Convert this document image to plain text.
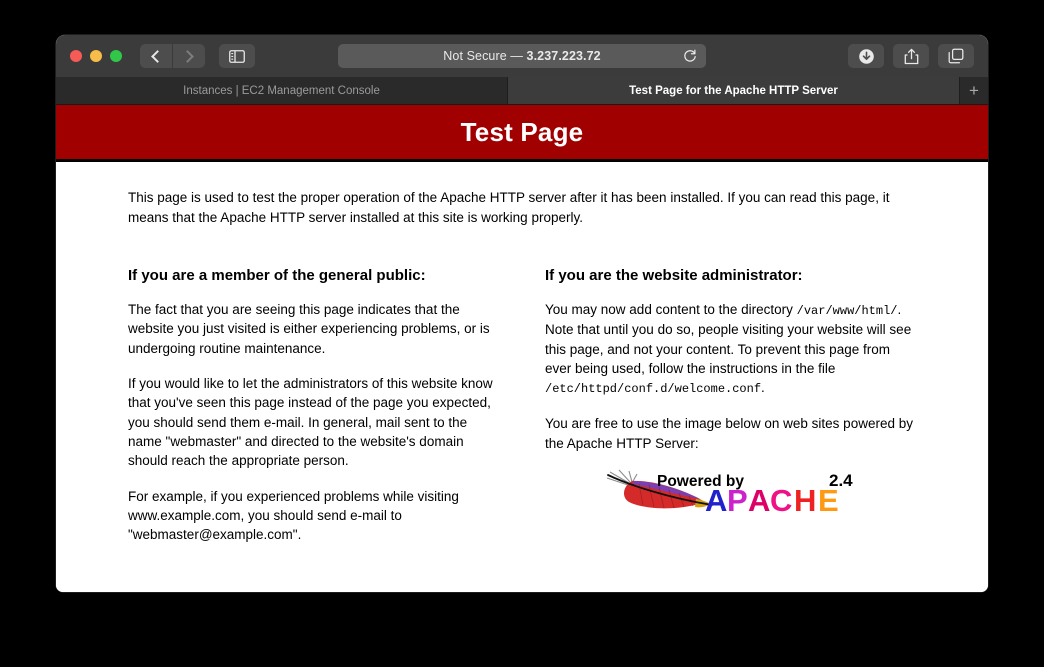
Not Secure — 3.237.223.72
Instances | EC2 Management Console	Test Page for the Apache HTTP Server	+
Test Page

This page is used to test the proper operation of the Apache HTTP server after it has been installed. If you can read this page, it means that the Apache HTTP server installed at this site is working properly.

If you are a member of the general public:

The fact that you are seeing this page indicates that the website you just visited is either experiencing problems, or is undergoing routine maintenance.

If you would like to let the administrators of this website know that you've seen this page instead of the page you expected, you should send them e-mail. In general, mail sent to the name "webmaster" and directed to the website's domain should reach the appropriate person.

For example, if you experienced problems while visiting www.example.com, you should send e-mail to "webmaster@example.com".

If you are the website administrator:

You may now add content to the directory /var/www/html/. Note that until you do so, people visiting your website will see this page, and not your content. To prevent this page from ever being used, follow the instructions in the file /etc/httpd/conf.d/welcome.conf.

You are free to use the image below on web sites powered by the Apache HTTP Server:

Powered by
A P A C H E
2.4
